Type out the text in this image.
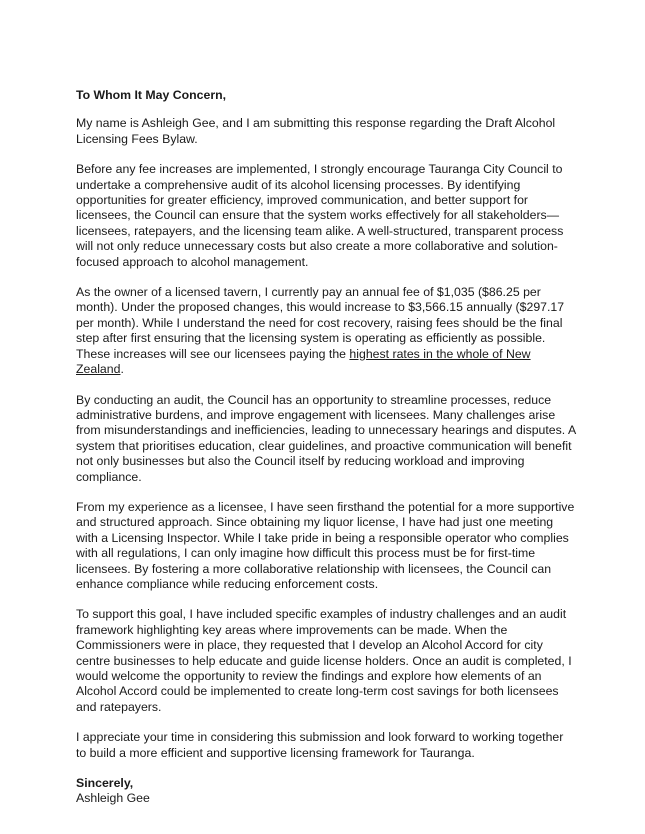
To Whom It May Concern,

My name is Ashleigh Gee, and I am submitting this response regarding the Draft Alcohol Licensing Fees Bylaw.

Before any fee increases are implemented, I strongly encourage Tauranga City Council to undertake a comprehensive audit of its alcohol licensing processes. By identifying opportunities for greater efficiency, improved communication, and better support for licensees, the Council can ensure that the system works effectively for all stakeholders—licensees, ratepayers, and the licensing team alike. A well-structured, transparent process will not only reduce unnecessary costs but also create a more collaborative and solution-focused approach to alcohol management.

As the owner of a licensed tavern, I currently pay an annual fee of $1,035 ($86.25 per month). Under the proposed changes, this would increase to $3,566.15 annually ($297.17 per month). While I understand the need for cost recovery, raising fees should be the final step after first ensuring that the licensing system is operating as efficiently as possible. These increases will see our licensees paying the highest rates in the whole of New Zealand.

By conducting an audit, the Council has an opportunity to streamline processes, reduce administrative burdens, and improve engagement with licensees. Many challenges arise from misunderstandings and inefficiencies, leading to unnecessary hearings and disputes. A system that prioritises education, clear guidelines, and proactive communication will benefit not only businesses but also the Council itself by reducing workload and improving compliance.

From my experience as a licensee, I have seen firsthand the potential for a more supportive and structured approach. Since obtaining my liquor license, I have had just one meeting with a Licensing Inspector. While I take pride in being a responsible operator who complies with all regulations, I can only imagine how difficult this process must be for first-time licensees. By fostering a more collaborative relationship with licensees, the Council can enhance compliance while reducing enforcement costs.

To support this goal, I have included specific examples of industry challenges and an audit framework highlighting key areas where improvements can be made. When the Commissioners were in place, they requested that I develop an Alcohol Accord for city centre businesses to help educate and guide license holders. Once an audit is completed, I would welcome the opportunity to review the findings and explore how elements of an Alcohol Accord could be implemented to create long-term cost savings for both licensees and ratepayers.

I appreciate your time in considering this submission and look forward to working together to build a more efficient and supportive licensing framework for Tauranga.

Sincerely,

Ashleigh Gee
